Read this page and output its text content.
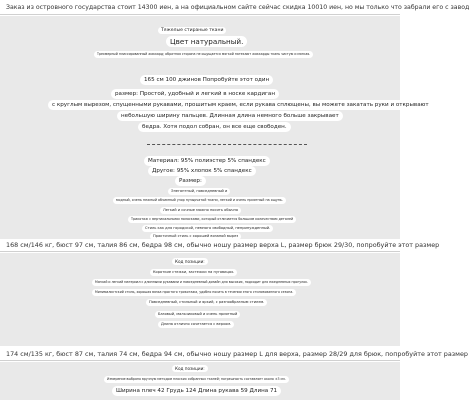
Заказ из островного государства стоит 14300 иен, а на официальном сайте сейчас скидка 10010 иен, но мы только что забрали его с завод
Тяжелые стираные ткани
Цвет натуральный.
Трехмерный плиссированный жаккард; обратная сторона не ощущается мягкой натекают жаккарды ткань чистую и мягкая.
165 см 100 джинов Попробуйте этот один
размер: Простой, удобный и легкий в носке кардиган
с круглым вырезом, спущенными рукавами, прошитым краем, если рукава сплющены, вы можете закатать руки и открывают
небольшую ширину пальцев. Длинная длина немного больше закрывает
бедра. Хотя подол собран, он все еще свободен.
Материал: 95% полиэстер 5% спандекс
Другое: 95% хлопок 5% спандекс
Размер:
Элегантный, повседневный и
модный, очень нежный объемный узор пузырчатой ткани, легкий и очень приятный на ощупь.
Легкий и сочные можно носить обычно
Трикотаж с вертикальными полосками, который отличается большим количеством деталей
Стиль как для городской, немного свободный, непринужденный.
Практичный стиль с хорошей вязаной вырез
168 см/146 кг, бюст 97 см, талия 86 см, бедра 98 см, обычно ношу размер верха L, размер брюк 29/30, попробуйте этот размер
Код позиции:
Короткие стежки, застежки на пуговицах.
Мягкий и легкий материал с длинными рукавами и повседневный дизайн для высоких, подходит для ежедневных прогулок.
Минималистский стиль, хорошая вязка простого трикотажа, удобно носить в течении этого стилизованного сезона.
Повседневный, стильный и яркий, с разнообразным стилем.
Базовый, мальчиковый и очень приятный
Длина отлично сочетается с верхом.
174 см/135 кг, бюст 87 см, талия 74 см, бедра 94 см, обычно ношу размер L для верха, размер 28/29 для брюк, попробуйте этот размер
Код позиции:
Измерение выбрано вручную методом плоских собранных тканей; погрешность составляет около ±3 см.
Ширина плеч 42 Грудь 124 Длина рукава 59 Длина 71
